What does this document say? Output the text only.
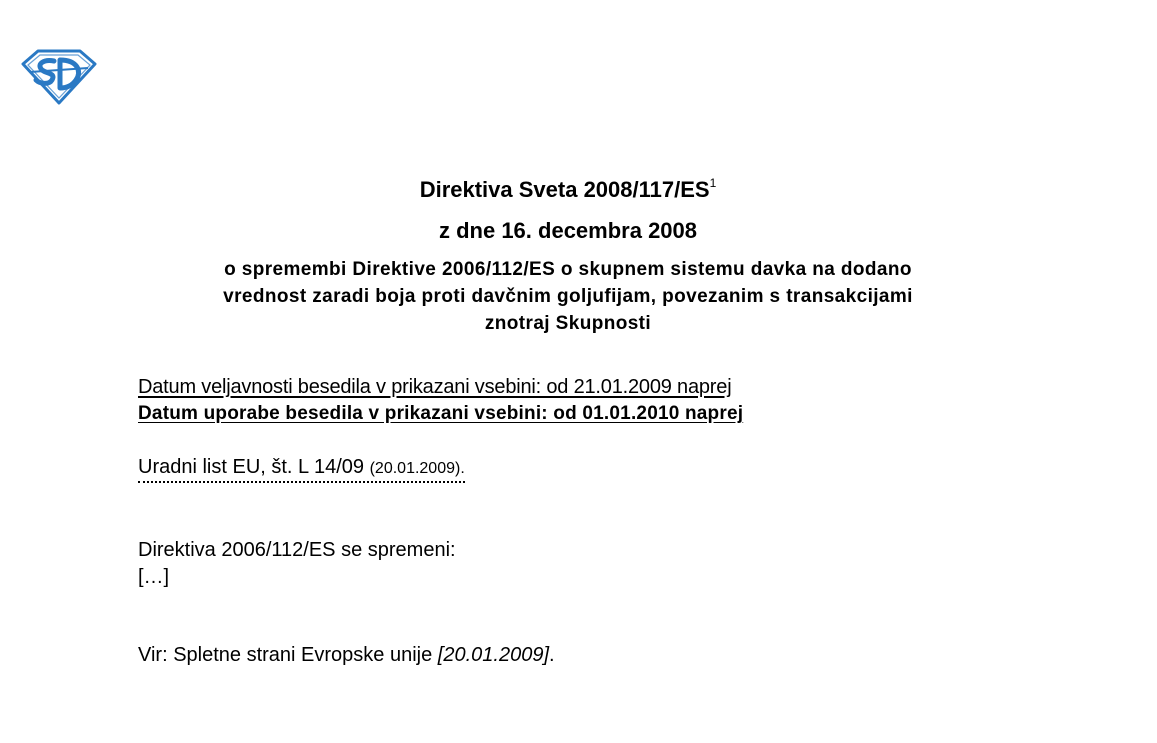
Direktiva Sveta $2008/117/ES^1$
z dne 16. decembra 2008
o spremembi Direktive 2006/112/ES o skupnem sistemu davka na dodano
vrednost zaradi boja proti davčnim goljufijam, povezanim s transakcijami
znotraj Skupnosti
Datum veljavnosti besedila v prikazani vsebini: od 21.01.2009 naprej
Datum uporabe besedila v prikazani vsebini: od 01.01.2010 naprej
Uradni list EU, št. L 14/09 (20.01.2009).
Direktiva 2006/112/ES se spremeni:
[…]
Vir: Spletne strani Evropske unije [20.01.2009].
